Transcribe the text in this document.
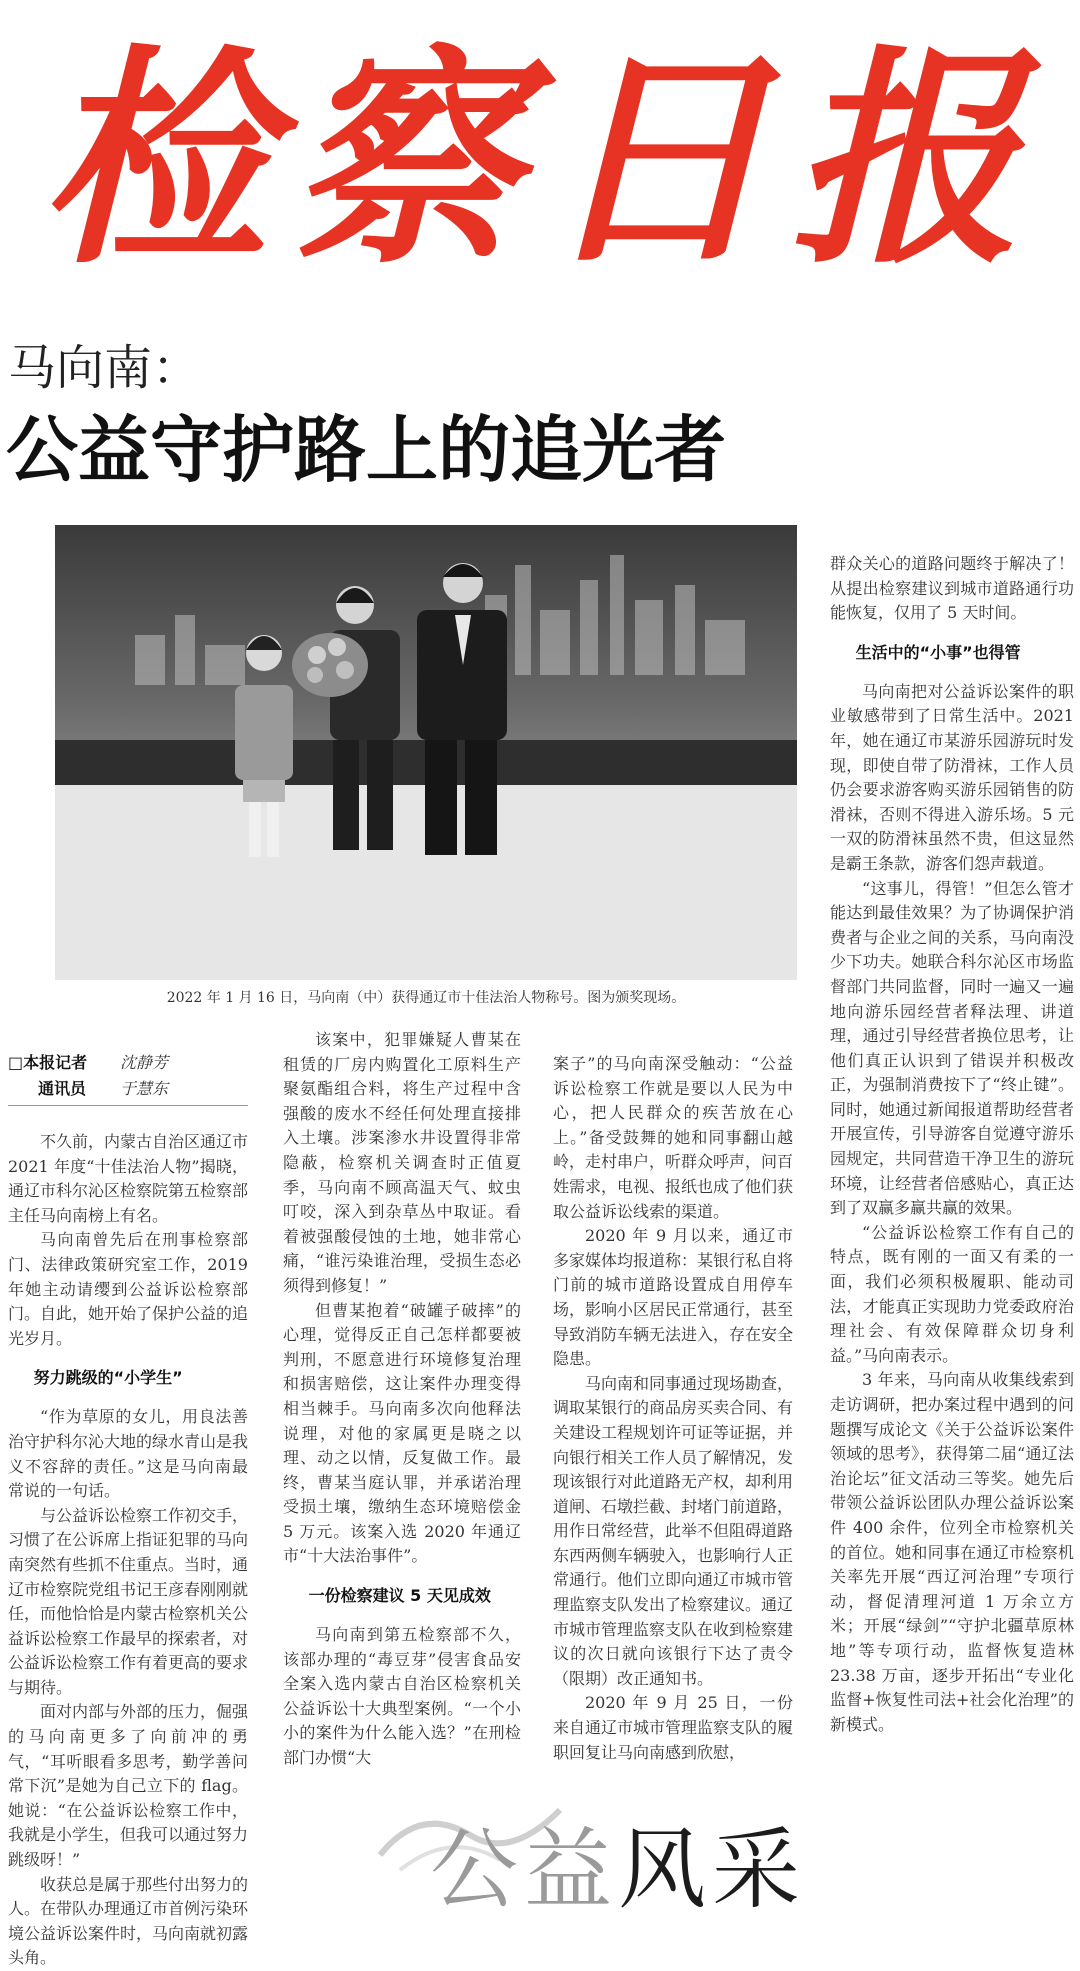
检察日报
马向南：
公益守护路上的追光者
2022 年 1 月 16 日，马向南（中）获得通辽市十佳法治人物称号。图为颁奖现场。
□本报记者 沈静芳
通讯员 于慧东

不久前，内蒙古自治区通辽市 2021 年度“十佳法治人物”揭晓，通辽市科尔沁区检察院第五检察部主任马向南榜上有名。

马向南曾先后在刑事检察部门、法律政策研究室工作，2019 年她主动请缨到公益诉讼检察部门。自此，她开始了保护公益的追光岁月。

努力跳级的“小学生”

“作为草原的女儿，用良法善治守护科尔沁大地的绿水青山是我义不容辞的责任。”这是马向南最常说的一句话。

与公益诉讼检察工作初交手，习惯了在公诉席上指证犯罪的马向南突然有些抓不住重点。当时，通辽市检察院党组书记王彦春刚刚就任，而他恰恰是内蒙古检察机关公益诉讼检察工作最早的探索者，对公益诉讼检察工作有着更高的要求与期待。

面对内部与外部的压力，倔强的马向南更多了向前冲的勇气，“耳听眼看多思考，勤学善问常下沉”是她为自己立下的 flag。她说：“在公益诉讼检察工作中，我就是小学生，但我可以通过努力跳级呀！”

收获总是属于那些付出努力的人。在带队办理通辽市首例污染环境公益诉讼案件时，马向南就初露头角。

该案中，犯罪嫌疑人曹某在租赁的厂房内购置化工原料生产聚氨酯组合料，将生产过程中含强酸的废水不经任何处理直接排入土壤。涉案渗水井设置得非常隐蔽，检察机关调查时正值夏季，马向南不顾高温天气、蚊虫叮咬，深入到杂草丛中取证。看着被强酸侵蚀的土地，她非常心痛，“谁污染谁治理，受损生态必须得到修复！”

但曹某抱着“破罐子破摔”的心理，觉得反正自己怎样都要被判刑，不愿意进行环境修复治理和损害赔偿，这让案件办理变得相当棘手。马向南多次向他释法说理，对他的家属更是晓之以理、动之以情，反复做工作。最终，曹某当庭认罪，并承诺治理受损土壤，缴纳生态环境赔偿金 5 万元。该案入选 2020 年通辽市“十大法治事件”。

一份检察建议 5 天见成效

马向南到第五检察部不久，该部办理的“毒豆芽”侵害食品安全案入选内蒙古自治区检察机关公益诉讼十大典型案例。“一个小小的案件为什么能入选？”在刑检部门办惯“大

案子”的马向南深受触动：“公益诉讼检察工作就是要以人民为中心，把人民群众的疾苦放在心上。”备受鼓舞的她和同事翻山越岭，走村串户，听群众呼声，问百姓需求，电视、报纸也成了他们获取公益诉讼线索的渠道。

2020 年 9 月以来，通辽市多家媒体均报道称：某银行私自将门前的城市道路设置成自用停车场，影响小区居民正常通行，甚至导致消防车辆无法进入，存在安全隐患。

马向南和同事通过现场勘查，调取某银行的商品房买卖合同、有关建设工程规划许可证等证据，并向银行相关工作人员了解情况，发现该银行对此道路无产权，却利用道闸、石墩拦截、封堵门前道路，用作日常经营，此举不但阻碍道路东西两侧车辆驶入，也影响行人正常通行。他们立即向通辽市城市管理监察支队发出了检察建议。通辽市城市管理监察支队在收到检察建议的次日就向该银行下达了责令（限期）改正通知书。

2020 年 9 月 25 日，一份来自通辽市城市管理监察支队的履职回复让马向南感到欣慰，

群众关心的道路问题终于解决了！从提出检察建议到城市道路通行功能恢复，仅用了 5 天时间。

生活中的“小事”也得管

马向南把对公益诉讼案件的职业敏感带到了日常生活中。2021 年，她在通辽市某游乐园游玩时发现，即使自带了防滑袜，工作人员仍会要求游客购买游乐园销售的防滑袜，否则不得进入游乐场。5 元一双的防滑袜虽然不贵，但这显然是霸王条款，游客们怨声载道。

“这事儿，得管！”但怎么管才能达到最佳效果？为了协调保护消费者与企业之间的关系，马向南没少下功夫。她联合科尔沁区市场监督部门共同监督，同时一遍又一遍地向游乐园经营者释法理、讲道理，通过引导经营者换位思考，让他们真正认识到了错误并积极改正，为强制消费按下了“终止键”。同时，她通过新闻报道帮助经营者开展宣传，引导游客自觉遵守游乐园规定，共同营造干净卫生的游玩环境，让经营者倍感贴心，真正达到了双赢多赢共赢的效果。

“公益诉讼检察工作有自己的特点，既有刚的一面又有柔的一面，我们必须积极履职、能动司法，才能真正实现助力党委政府治理社会、有效保障群众切身利益。”马向南表示。

3 年来，马向南从收集线索到走访调研，把办案过程中遇到的问题撰写成论文《关于公益诉讼案件领域的思考》，获得第二届“通辽法治论坛”征文活动三等奖。她先后带领公益诉讼团队办理公益诉讼案件 400 余件，位列全市检察机关的首位。她和同事在通辽市检察机关率先开展“西辽河治理”专项行动，督促清理河道 1 万余立方米；开展“绿剑”“守护北疆草原林地”等专项行动，监督恢复造林 23.38 万亩，逐步开拓出“专业化监督+恢复性司法+社会化治理”的新模式。

公益风采
